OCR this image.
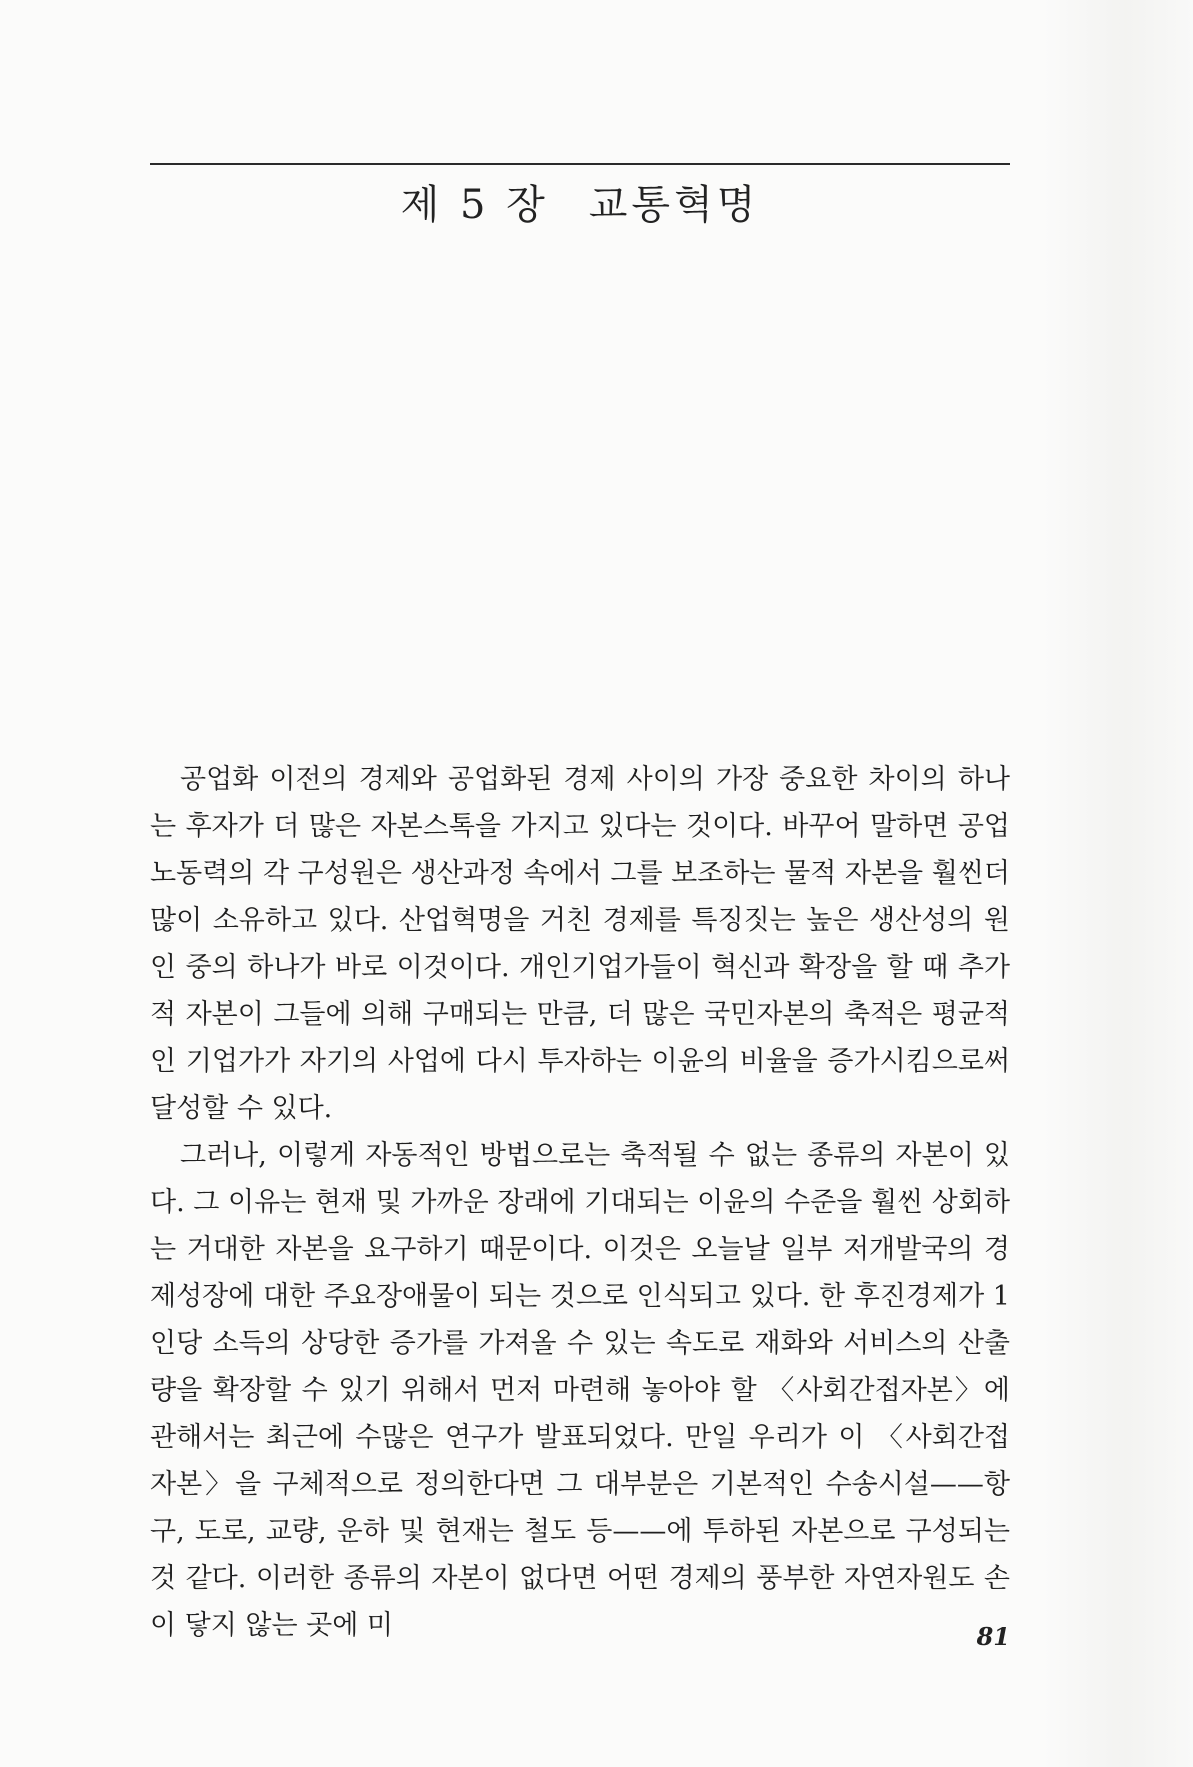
제 5 장 교통혁명

공업화 이전의 경제와 공업화된 경제 사이의 가장 중요한 차이의 하나는 후자가 더 많은 자본스톡을 가지고 있다는 것이다. 바꾸어 말하면 공업노동력의 각 구성원은 생산과정 속에서 그를 보조하는 물적 자본을 훨씬더 많이 소유하고 있다. 산업혁명을 거친 경제를 특징짓는 높은 생산성의 원인 중의 하나가 바로 이것이다. 개인기업가들이 혁신과 확장을 할 때 추가적 자본이 그들에 의해 구매되는 만큼, 더 많은 국민자본의 축적은 평균적인 기업가가 자기의 사업에 다시 투자하는 이윤의 비율을 증가시킴으로써 달성할 수 있다.

그러나, 이렇게 자동적인 방법으로는 축적될 수 없는 종류의 자본이 있다. 그 이유는 현재 및 가까운 장래에 기대되는 이윤의 수준을 훨씬 상회하는 거대한 자본을 요구하기 때문이다. 이것은 오늘날 일부 저개발국의 경제성장에 대한 주요장애물이 되는 것으로 인식되고 있다. 한 후진경제가 1인당 소득의 상당한 증가를 가져올 수 있는 속도로 재화와 서비스의 산출량을 확장할 수 있기 위해서 먼저 마련해 놓아야 할 〈사회간접자본〉에 관해서는 최근에 수많은 연구가 발표되었다. 만일 우리가 이 〈사회간접자본〉을 구체적으로 정의한다면 그 대부분은 기본적인 수송시설——항구, 도로, 교량, 운하 및 현재는 철도 등——에 투하된 자본으로 구성되는 것 같다. 이러한 종류의 자본이 없다면 어떤 경제의 풍부한 자연자원도 손이 닿지 않는 곳에 미	81
